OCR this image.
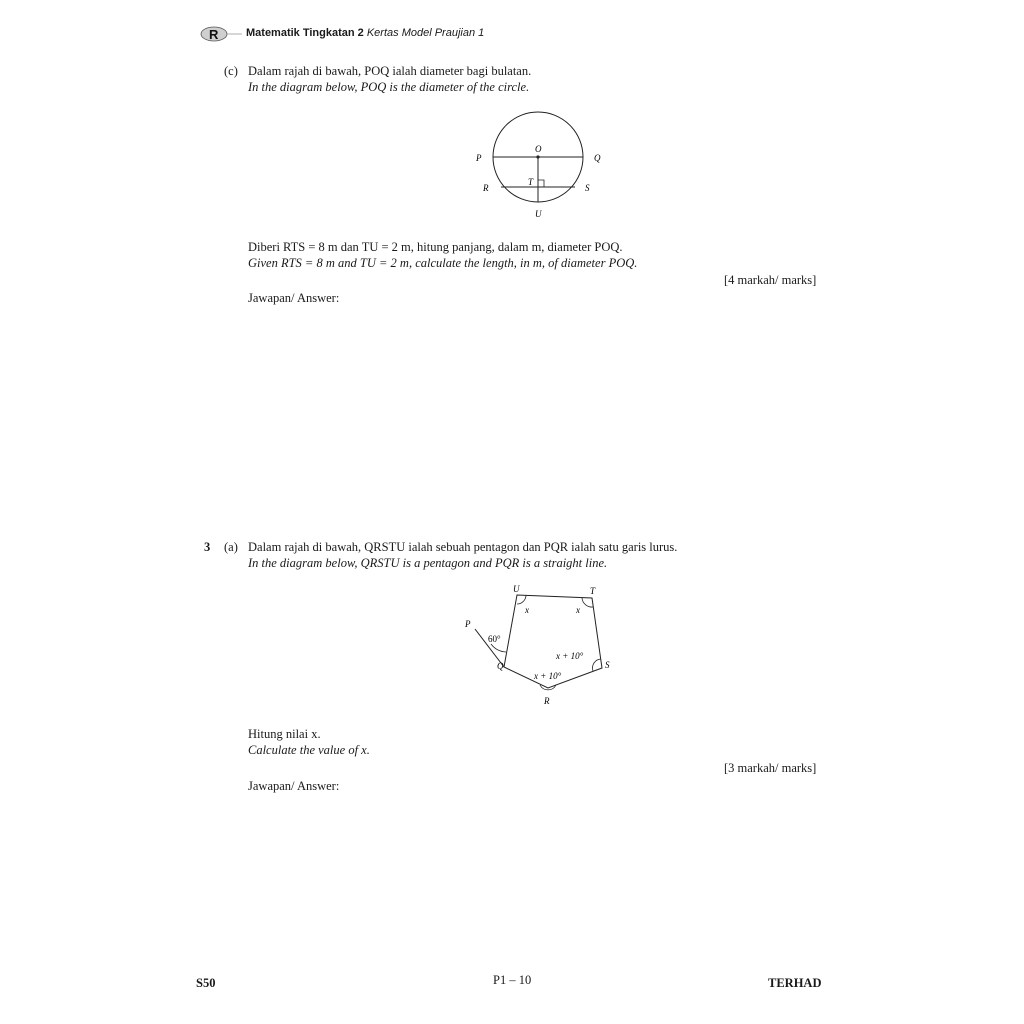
R	Matematik Tingkatan 2 Kertas Model Praujian 1
(c) Dalam rajah di bawah, POQ ialah diameter bagi bulatan.
In the diagram below, POQ is the diameter of the circle.
P
O
Q
R
T
S
U
Diberi RTS = 8 m dan TU = 2 m, hitung panjang, dalam m, diameter POQ.
Given RTS = 8 m and TU = 2 m, calculate the length, in m, of diameter POQ.
[4 markah/ marks]
Jawapan/ Answer:
3 (a) Dalam rajah di bawah, QRSTU ialah sebuah pentagon dan PQR ialah satu garis lurus.
In the diagram below, QRSTU is a pentagon and PQR is a straight line.
U	T
P
Q
R
S
x	x
60°
x + 10°
x + 10°
Hitung nilai x.
Calculate the value of x.
[3 markah/ marks]
Jawapan/ Answer:
S50	P1 – 10	TERHAD
